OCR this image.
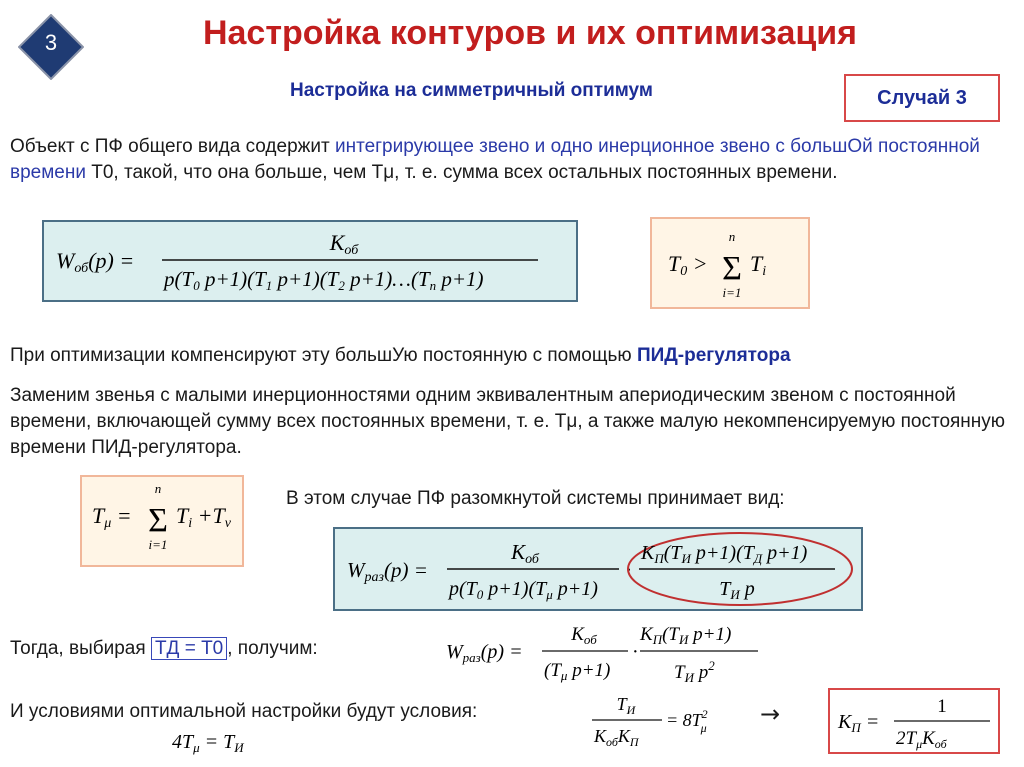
3	Настройка контуров и их оптимизация
Настройка на симметричный оптимум	Случай 3
Объект с ПФ общего вида содержит интегрирующее звено и одно инерционное звено с большОй постоянной времени T0, такой, что она больше, чем Tμ, т. е. сумма всех остальных постоянных времени.
Wоб(p) =
Kоб
p(T0 p+1)(T1 p+1)(T2 p+1)…(Tn p+1)
T0 > Σ
n
i=1
Ti
При оптимизации компенсируют эту большУю постоянную с помощью ПИД-регулятора
Заменим звенья с малыми инерционностями одним эквивалентным апериодическим звеном с постоянной времени, включающей сумму всех постоянных времени, т. е. Tμ, а также малую некомпенсируемую постоянную времени ПИД-регулятора.
Tμ = Σ
n
i=1
Ti +Tν
В этом случае ПФ разомкнутой системы принимает вид:
Wраз(p) =
Kоб
$p(T_0$ $p+1)(T_\mu$ p+1)
·
$K_П(T_И$ $p+1)(T_Д$ p+1)
$T_И$ p
Тогда, выбирая TД = T0 , получим:	$W_{раз}(p)$ =
$K_{об}$
($T_\mu$ p+1)
·
$K_П(T_И$ p+1)
$T_И$ $p^2$
И условиями оптимальной настройки будут условия:	$T_И$
$K_{об}K_П$
= $8T^2$ μ →
$4T_\mu = T_И$
$K_П$ =
1
$2T_\mu K_{об}$
